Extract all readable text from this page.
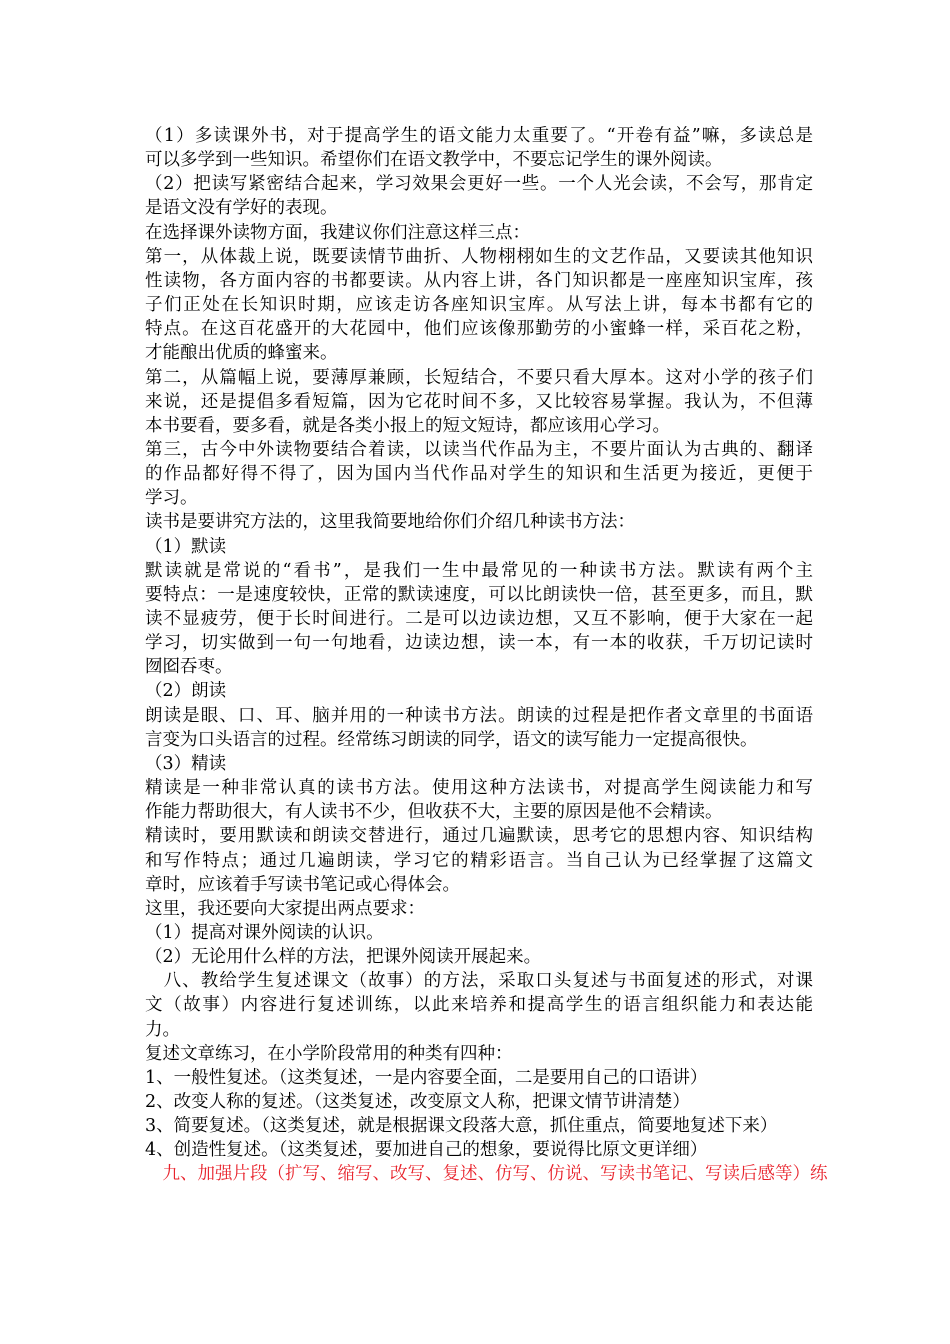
（1）多读课外书，对于提高学生的语文能力太重要了。“开卷有益”嘛，多读总是
可以多学到一些知识。希望你们在语文教学中，不要忘记学生的课外阅读。
（2）把读写紧密结合起来，学习效果会更好一些。一个人光会读，不会写，那肯定
是语文没有学好的表现。
在选择课外读物方面，我建议你们注意这样三点：
第一，从体裁上说，既要读情节曲折、人物栩栩如生的文艺作品，又要读其他知识
性读物，各方面内容的书都要读。从内容上讲，各门知识都是一座座知识宝库，孩
子们正处在长知识时期，应该走访各座知识宝库。从写法上讲，每本书都有它的
特点。在这百花盛开的大花园中，他们应该像那勤劳的小蜜蜂一样，采百花之粉，
才能酿出优质的蜂蜜来。
第二，从篇幅上说，要薄厚兼顾，长短结合，不要只看大厚本。这对小学的孩子们
来说，还是提倡多看短篇，因为它花时间不多，又比较容易掌握。我认为，不但薄
本书要看，要多看，就是各类小报上的短文短诗，都应该用心学习。
第三，古今中外读物要结合着读，以读当代作品为主，不要片面认为古典的、翻译
的作品都好得不得了，因为国内当代作品对学生的知识和生活更为接近，更便于
学习。
读书是要讲究方法的，这里我简要地给你们介绍几种读书方法：
（1）默读
默读就是常说的“看书”，是我们一生中最常见的一种读书方法。默读有两个主
要特点：一是速度较快，正常的默读速度，可以比朗读快一倍，甚至更多，而且，默
读不显疲劳，便于长时间进行。二是可以边读边想，又互不影响，便于大家在一起
学习，切实做到一句一句地看，边读边想，读一本，有一本的收获，千万切记读时
囫囵吞枣。
（2）朗读
朗读是眼、口、耳、脑并用的一种读书方法。朗读的过程是把作者文章里的书面语
言变为口头语言的过程。经常练习朗读的同学，语文的读写能力一定提高很快。
（3）精读
精读是一种非常认真的读书方法。使用这种方法读书，对提高学生阅读能力和写
作能力帮助很大，有人读书不少，但收获不大，主要的原因是他不会精读。
精读时，要用默读和朗读交替进行，通过几遍默读，思考它的思想内容、知识结构
和写作特点；通过几遍朗读，学习它的精彩语言。当自己认为已经掌握了这篇文
章时，应该着手写读书笔记或心得体会。
这里，我还要向大家提出两点要求：
（1）提高对课外阅读的认识。
（2）无论用什么样的方法，把课外阅读开展起来。
　八、教给学生复述课文（故事）的方法，采取口头复述与书面复述的形式，对课
文（故事）内容进行复述训练，以此来培养和提高学生的语言组织能力和表达能
力。
复述文章练习，在小学阶段常用的种类有四种：
1、一般性复述。（这类复述，一是内容要全面，二是要用自己的口语讲）
2、改变人称的复述。（这类复述，改变原文人称，把课文情节讲清楚）
3、简要复述。（这类复述，就是根据课文段落大意，抓住重点，简要地复述下来）
4、创造性复述。（这类复述，要加进自己的想象，要说得比原文更详细）
　九、加强片段（扩写、缩写、改写、复述、仿写、仿说、写读书笔记、写读后感等）练
